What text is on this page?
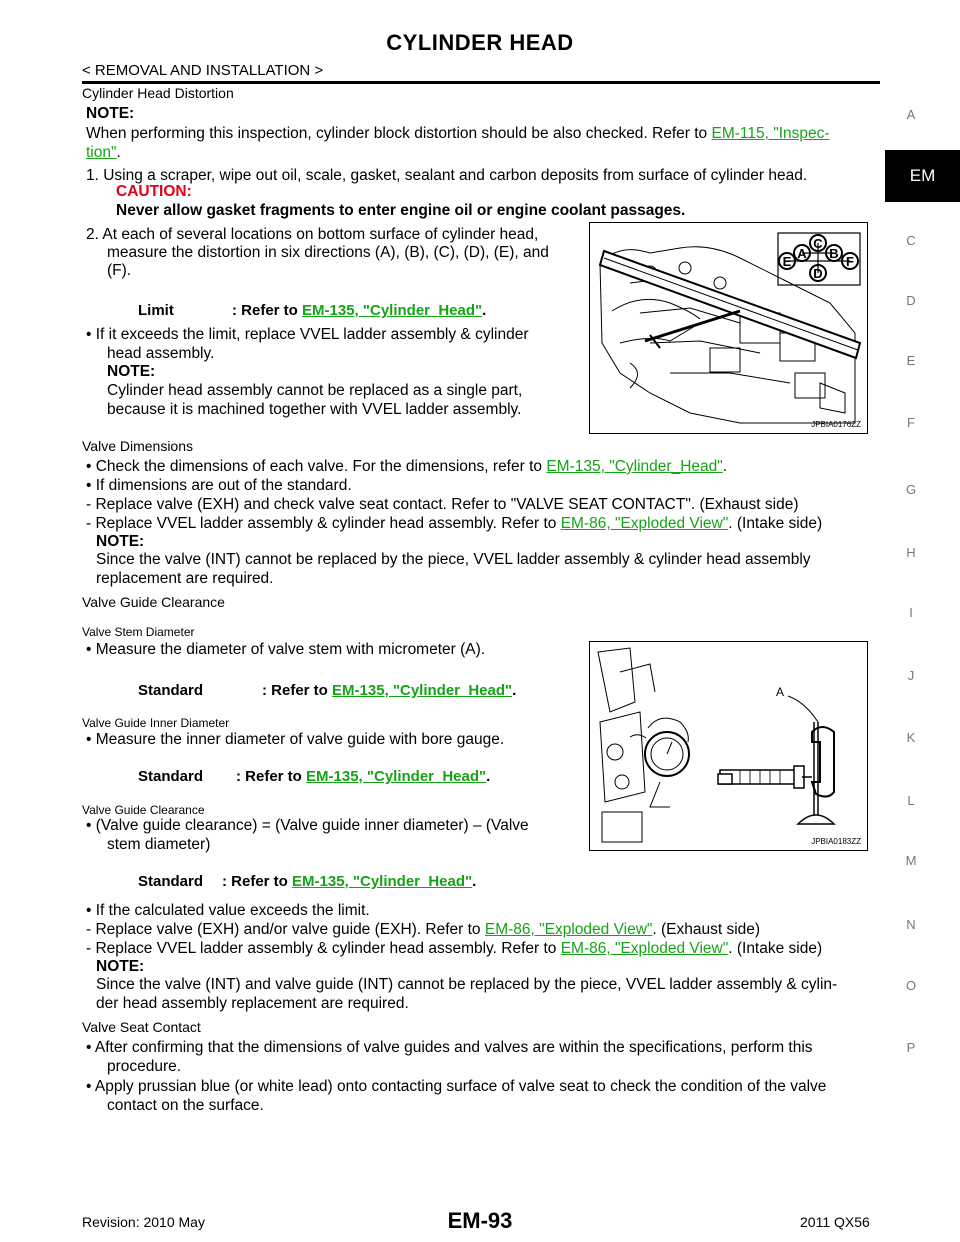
CYLINDER HEAD
< REMOVAL AND INSTALLATION >
A
EM
C
D
E
F
G
H
I
J
K
L
M
N
O
P
Cylinder Head Distortion
NOTE:
When performing this inspection, cylinder block distortion should be also checked. Refer to EM-115, "Inspec-
tion".
1. Using a scraper, wipe out oil, scale, gasket, sealant and carbon deposits from surface of cylinder head.
CAUTION:
Never allow gasket fragments to enter engine oil or engine coolant passages.
2. At each of several locations on bottom surface of cylinder head,
measure the distortion in six directions (A), (B), (C), (D), (E), and
(F).
Limit	: Refer to EM-135, "Cylinder_Head".
• If it exceeds the limit, replace VVEL ladder assembly & cylinder
head assembly.
NOTE:
Cylinder head assembly cannot be replaced as a single part,
because it is machined together with VVEL ladder assembly.
E
A
C
B
F
D
JPBIA0176ZZ
Valve Dimensions
• Check the dimensions of each valve. For the dimensions, refer to EM-135, "Cylinder_Head".
• If dimensions are out of the standard.
- Replace valve (EXH) and check valve seat contact. Refer to "VALVE SEAT CONTACT". (Exhaust side)
- Replace VVEL ladder assembly & cylinder head assembly. Refer to EM-86, "Exploded View". (Intake side)
NOTE:
Since the valve (INT) cannot be replaced by the piece, VVEL ladder assembly & cylinder head assembly
replacement are required.
Valve Guide Clearance
Valve Stem Diameter
• Measure the diameter of valve stem with micrometer (A).
Standard	: Refer to EM-135, "Cylinder_Head".
Valve Guide Inner Diameter
• Measure the inner diameter of valve guide with bore gauge.
Standard : Refer to EM-135, "Cylinder_Head".
Valve Guide Clearance
• (Valve guide clearance) = (Valve guide inner diameter) – (Valve
stem diameter)
Standard : Refer to EM-135, "Cylinder_Head".
A
JPBIA0183ZZ
• If the calculated value exceeds the limit.
- Replace valve (EXH) and/or valve guide (EXH). Refer to EM-86, "Exploded View". (Exhaust side)
- Replace VVEL ladder assembly & cylinder head assembly. Refer to EM-86, "Exploded View". (Intake side)
NOTE:
Since the valve (INT) and valve guide (INT) cannot be replaced by the piece, VVEL ladder assembly & cylin-
der head assembly replacement are required.
Valve Seat Contact
• After confirming that the dimensions of valve guides and valves are within the specifications, perform this
procedure.
• Apply prussian blue (or white lead) onto contacting surface of valve seat to check the condition of the valve
contact on the surface.
Revision: 2010 May	EM-93	2011 QX56
